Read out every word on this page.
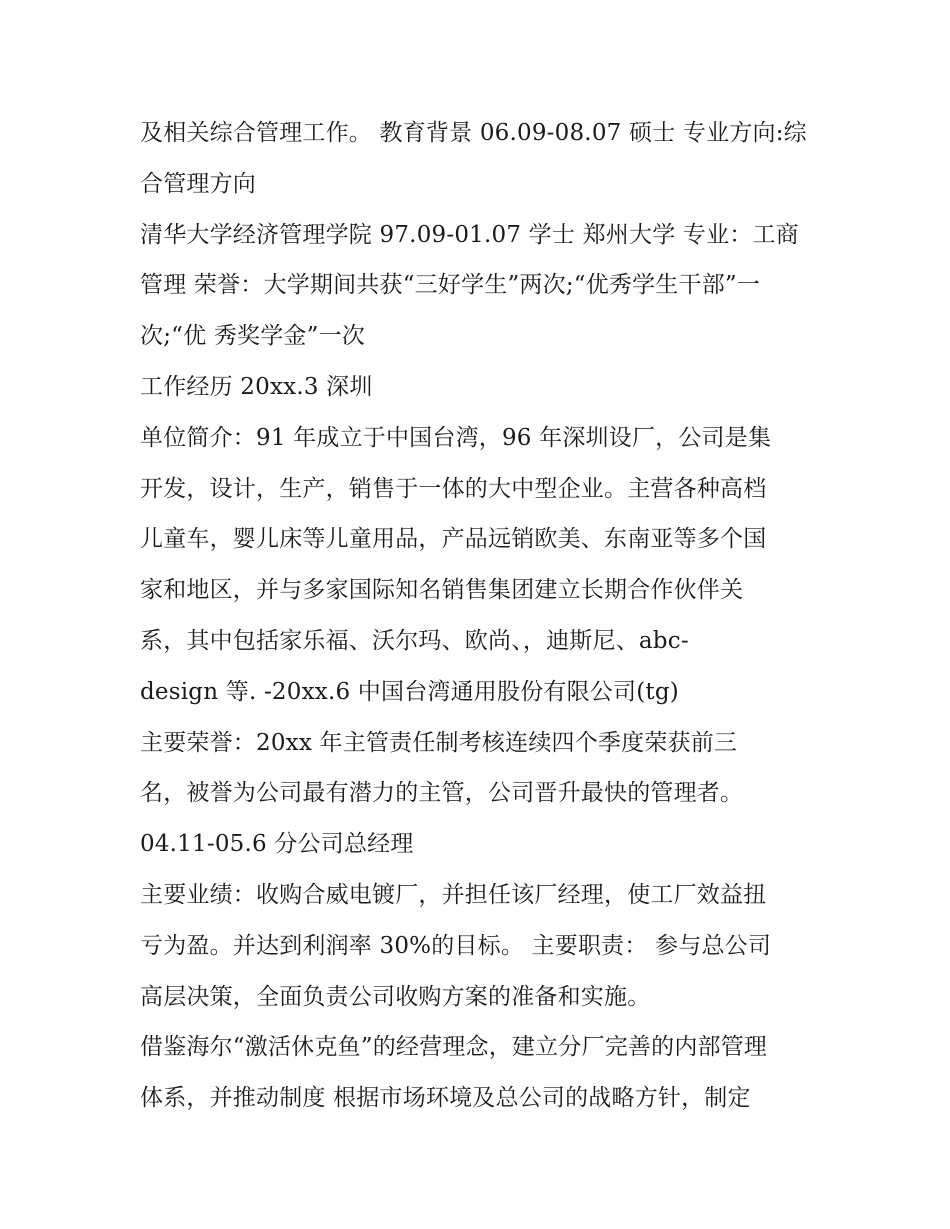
及相关综合管理工作。 教育背景 06.09-08.07 硕士 专业方向:综
合管理方向
清华大学经济管理学院 97.09-01.07 学士 郑州大学 专业：工商
管理 荣誉：大学期间共获“三好学生”两次;“优秀学生干部”一
次;“优 秀奖学金”一次
工作经历 20xx.3 深圳
单位简介：91 年成立于中国台湾，96 年深圳设厂，公司是集
开发，设计，生产，销售于一体的大中型企业。主营各种高档
儿童车，婴儿床等儿童用品，产品远销欧美、东南亚等多个国
家和地区，并与多家国际知名销售集团建立长期合作伙伴关
系，其中包括家乐福、沃尔玛、欧尚、，迪斯尼、abc-
design 等. -20xx.6 中国台湾通用股份有限公司(tg)
主要荣誉：20xx 年主管责任制考核连续四个季度荣获前三
名，被誉为公司最有潜力的主管，公司晋升最快的管理者。
04.11-05.6 分公司总经理
主要业绩：收购合威电镀厂，并担任该厂经理，使工厂效益扭
亏为盈。并达到利润率 30%的目标。 主要职责： 参与总公司
高层决策，全面负责公司收购方案的准备和实施。
借鉴海尔“激活休克鱼”的经营理念，建立分厂完善的内部管理
体系，并推动制度 根据市场环境及总公司的战略方针，制定
